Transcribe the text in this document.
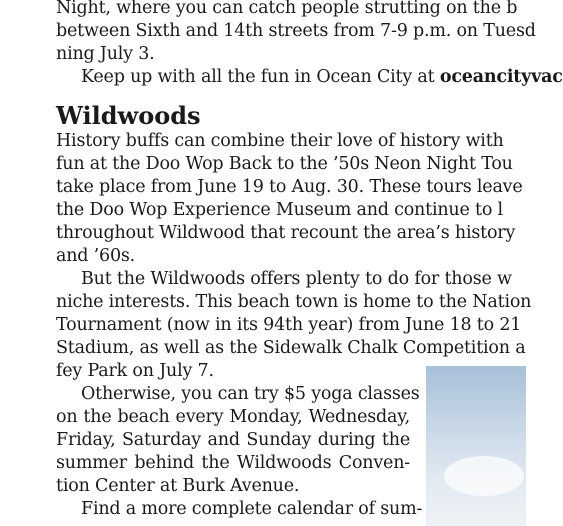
Night, where you can catch people strutting on the b
between Sixth and 14th streets from 7-9 p.m. on Tuesd
ning July 3.
Keep up with all the fun in Ocean City at oceancityvac
Wildwoods
History buffs can combine their love of history with
fun at the Doo Wop Back to the ’50s Neon Night Tou
take place from June 19 to Aug. 30. These tours leave
the Doo Wop Experience Museum and continue to l
throughout Wildwood that recount the area’s history
and ’60s.
But the Wildwoods offers plenty to do for those w
niche interests. This beach town is home to the Nation
Tournament (now in its 94th year) from June 18 to 21
Stadium, as well as the Sidewalk Chalk Competition a
fey Park on July 7.
Otherwise, you can try $5 yoga classes
on the beach every Monday, Wednesday,
Friday, Saturday and Sunday during the
summer behind the Wildwoods Conven-
tion Center at Burk Avenue.
Find a more complete calendar of sum-
